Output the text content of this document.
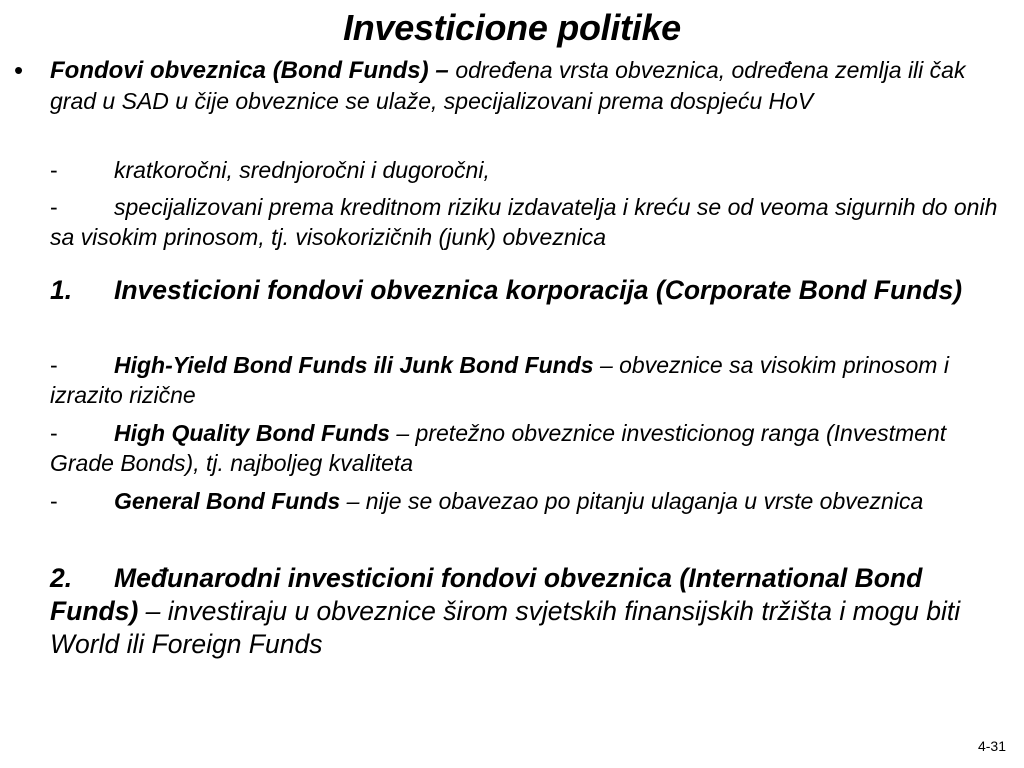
Investicione politike
• Fondovi obveznica (Bond Funds) – određena vrsta obveznica, određena zemlja ili čak grad u SAD u čije obveznice se ulaže, specijalizovani prema dospjeću HoV
- kratkoročni, srednjoročni i dugoročni,
- specijalizovani prema kreditnom riziku izdavatelja i kreću se od veoma sigurnih do onih sa visokim prinosom, tj. visokorizičnih (junk) obveznica
1. Investicioni fondovi obveznica korporacija (Corporate Bond Funds)
- High-Yield Bond Funds ili Junk Bond Funds – obveznice sa visokim prinosom i izrazito rizične
- High Quality Bond Funds – pretežno obveznice investicionog ranga (Investment Grade Bonds), tj. najboljeg kvaliteta
- General Bond Funds – nije se obavezao po pitanju ulaganja u vrste obveznica
2. Međunarodni investicioni fondovi obveznica (International Bond Funds) – investiraju u obveznice širom svjetskih finansijskih tržišta i mogu biti World ili Foreign Funds
4-31
